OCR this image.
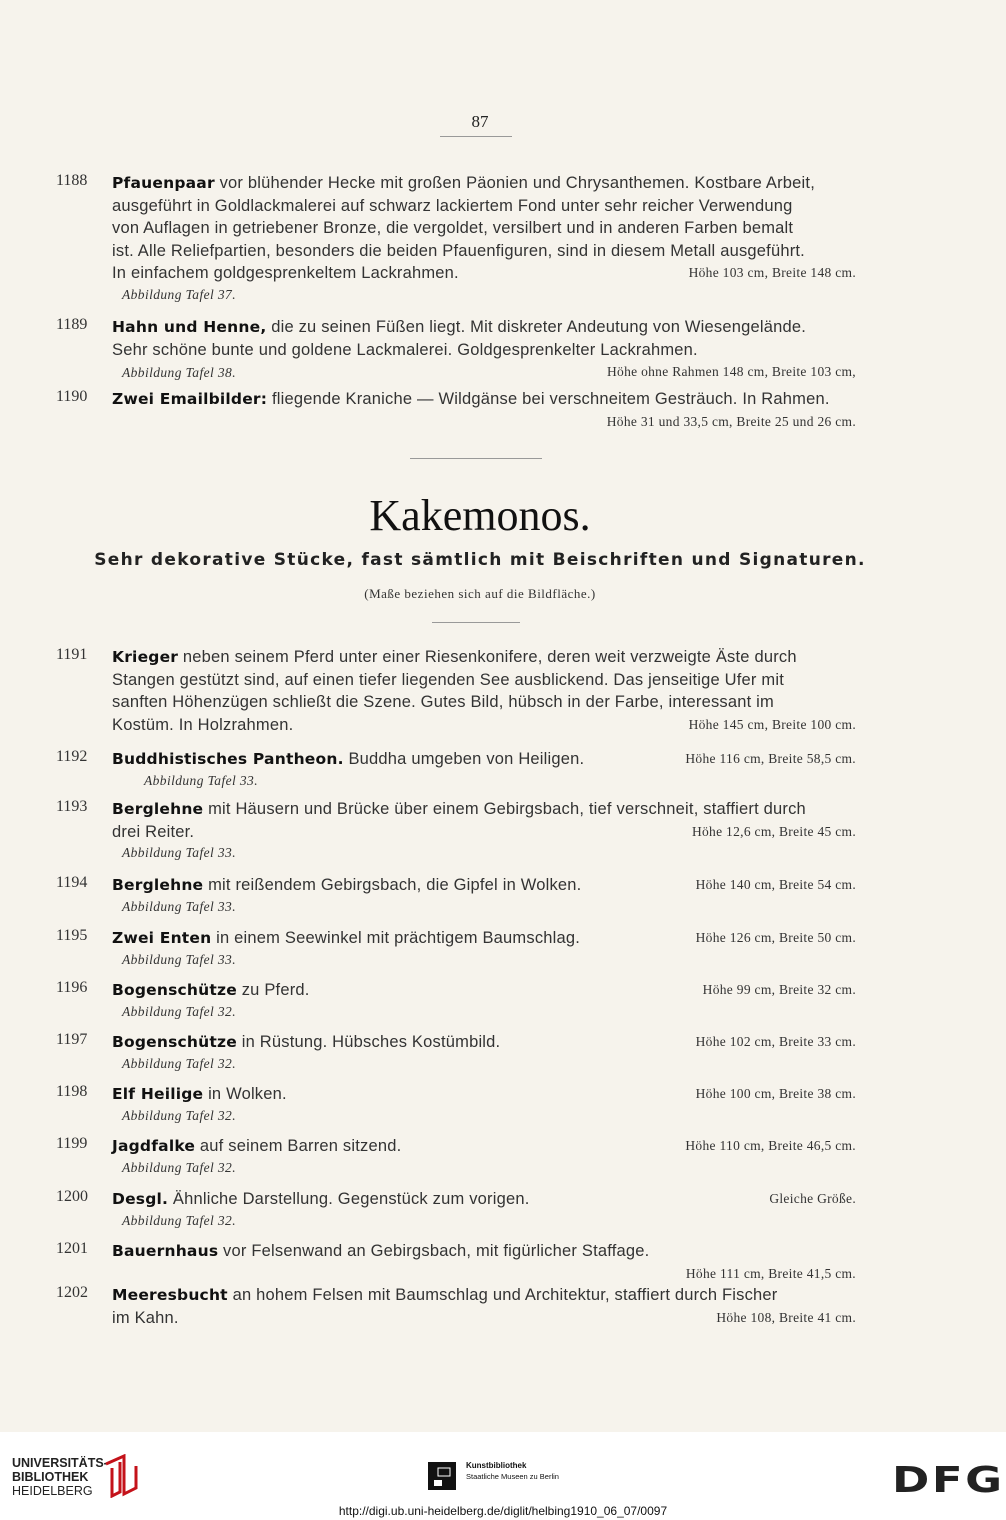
87
1188	Pfauenpaar vor blühender Hecke mit großen Päonien und Chrysanthemen. Kostbare Arbeit,
ausgeführt in Goldlackmalerei auf schwarz lackiertem Fond unter sehr reicher Verwendung
von Auflagen in getriebener Bronze, die vergoldet, versilbert und in anderen Farben bemalt
ist. Alle Reliefpartien, besonders die beiden Pfauenfiguren, sind in diesem Metall ausgeführt.
In einfachem goldgesprenkeltem Lackrahmen.	Höhe 103 cm, Breite 148 cm.
Abbildung Tafel 37.
1189	Hahn und Henne, die zu seinen Füßen liegt. Mit diskreter Andeutung von Wiesengelände.
Sehr schöne bunte und goldene Lackmalerei. Goldgesprenkelter Lackrahmen.
Abbildung Tafel 38.	Höhe ohne Rahmen 148 cm, Breite 103 cm,
1190	Zwei Emailbilder: fliegende Kraniche — Wildgänse bei verschneitem Gesträuch. In Rahmen.
Höhe 31 und 33,5 cm, Breite 25 und 26 cm.
Kakemonos.
Sehr dekorative Stücke, fast sämtlich mit Beischriften und Signaturen.
(Maße beziehen sich auf die Bildfläche.)
1191	Krieger neben seinem Pferd unter einer Riesenkonifere, deren weit verzweigte Äste durch
Stangen gestützt sind, auf einen tiefer liegenden See ausblickend. Das jenseitige Ufer mit
sanften Höhenzügen schließt die Szene. Gutes Bild, hübsch in der Farbe, interessant im
Kostüm. In Holzrahmen.	Höhe 145 cm, Breite 100 cm.
1192	Buddhistisches Pantheon. Buddha umgeben von Heiligen.	Höhe 116 cm, Breite 58,5 cm.
Abbildung Tafel 33.
1193	Berglehne mit Häusern und Brücke über einem Gebirgsbach, tief verschneit, staffiert durch
drei Reiter.	Höhe 12,6 cm, Breite 45 cm.
Abbildung Tafel 33.
1194	Berglehne mit reißendem Gebirgsbach, die Gipfel in Wolken.	Höhe 140 cm, Breite 54 cm.
Abbildung Tafel 33.
1195	Zwei Enten in einem Seewinkel mit prächtigem Baumschlag.	Höhe 126 cm, Breite 50 cm.
Abbildung Tafel 33.
1196	Bogenschütze zu Pferd.	Höhe 99 cm, Breite 32 cm.
Abbildung Tafel 32.
1197	Bogenschütze in Rüstung. Hübsches Kostümbild.	Höhe 102 cm, Breite 33 cm.
Abbildung Tafel 32.
1198	Elf Heilige in Wolken.	Höhe 100 cm, Breite 38 cm.
Abbildung Tafel 32.
1199	Jagdfalke auf seinem Barren sitzend.	Höhe 110 cm, Breite 46,5 cm.
Abbildung Tafel 32.
1200	Desgl. Ähnliche Darstellung. Gegenstück zum vorigen.	Gleiche Größe.
Abbildung Tafel 32.
1201	Bauernhaus vor Felsenwand an Gebirgsbach, mit figürlicher Staffage.
Höhe 111 cm, Breite 41,5 cm.
1202	Meeresbucht an hohem Felsen mit Baumschlag und Architektur, staffiert durch Fischer
im Kahn.	Höhe 108, Breite 41 cm.
UNIVERSITÄTS-
BIBLIOTHEK
HEIDELBERG
Kunstbibliothek
Staatliche Museen zu Berlin	DFG
http://digi.ub.uni-heidelberg.de/diglit/helbing1910_06_07/0097
